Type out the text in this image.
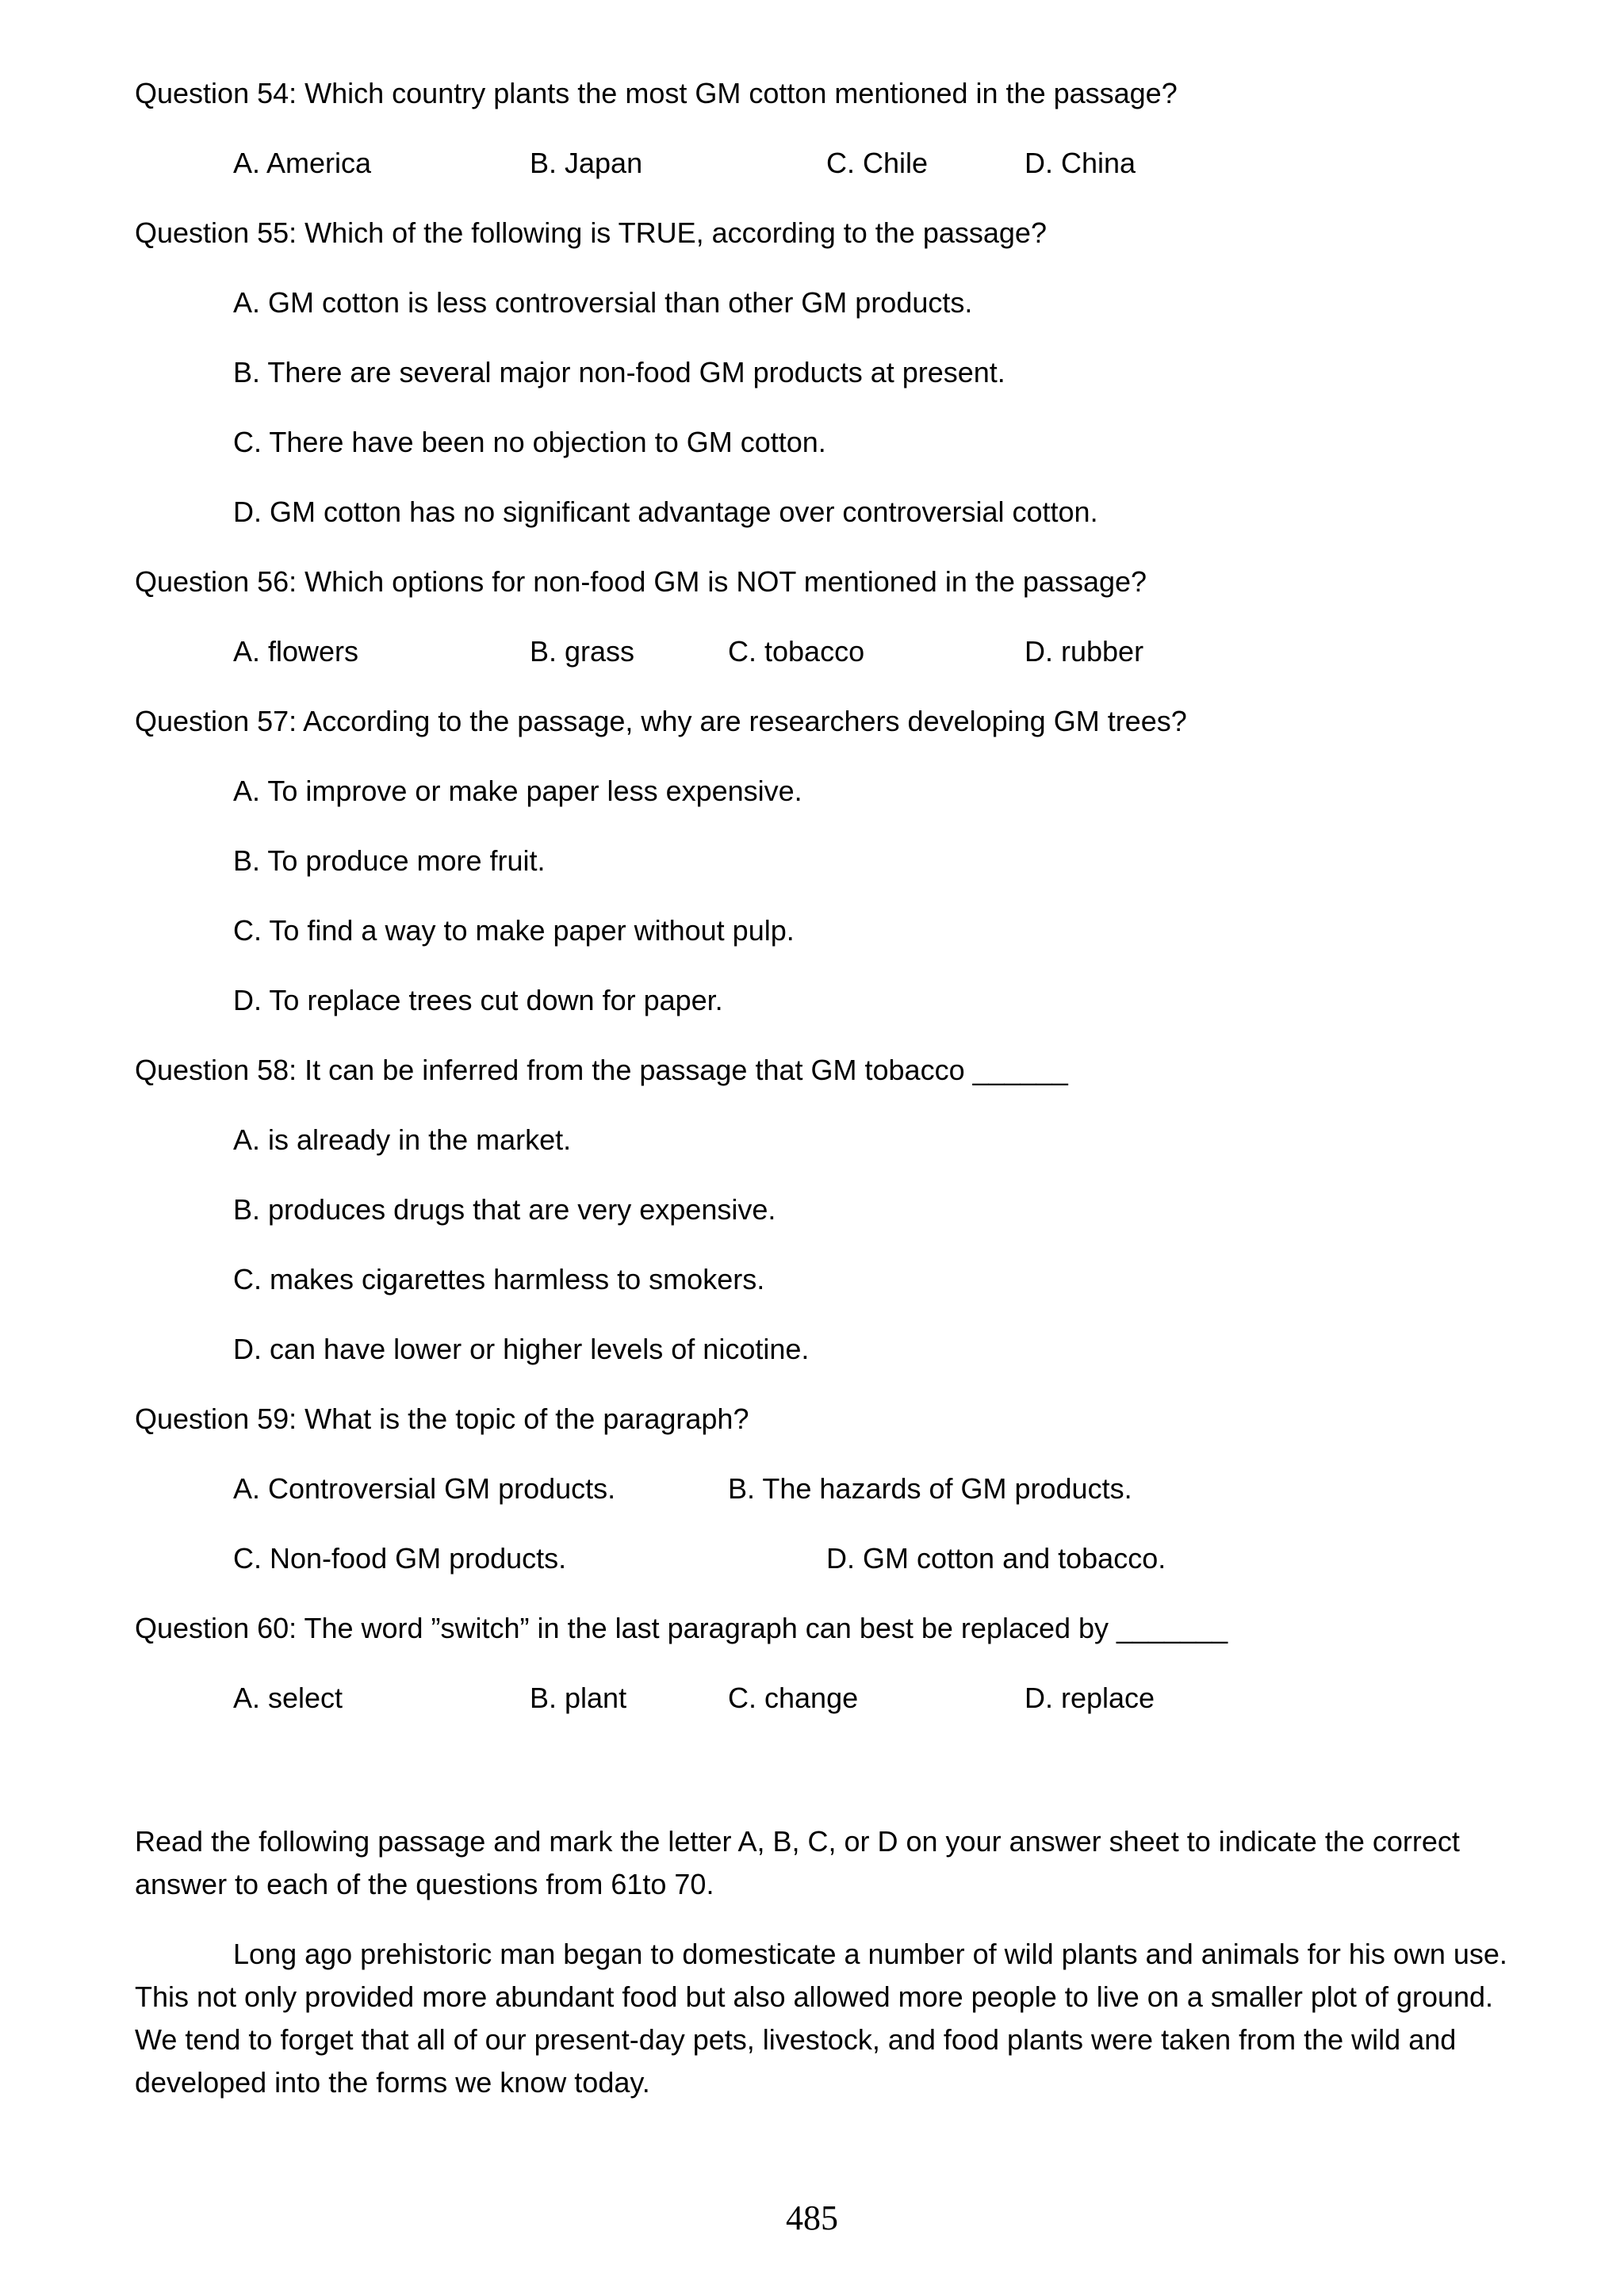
Question 54: Which country plants the most GM cotton mentioned in the passage?
A. America	B. Japan	C. Chile	D. China
Question 55: Which of the following is TRUE, according to the passage?
A. GM cotton is less controversial than other GM products.
B. There are several major non-food GM products at present.
C. There have been no objection to GM cotton.
D. GM cotton has no significant advantage over controversial cotton.
Question 56: Which options for non-food GM is NOT mentioned in the passage?
A. flowers	B. grass	C. tobacco	D. rubber
Question 57: According to the passage, why are researchers developing GM trees?
A. To improve or make paper less expensive.
B. To produce more fruit.
C. To find a way to make paper without pulp.
D. To replace trees cut down for paper.
Question 58: It can be inferred from the passage that GM tobacco ______
A. is already in the market.
B. produces drugs that are very expensive.
C. makes cigarettes harmless to smokers.
D. can have lower or higher levels of nicotine.
Question 59: What is the topic of the paragraph?
A. Controversial GM products.	B. The hazards of GM products.
C. Non-food GM products.	D. GM cotton and tobacco.
Question 60: The word ”switch” in the last paragraph can best be replaced by _______
A. select	B. plant	C. change	D. replace
Read the following passage and mark the letter A, B, C, or D on your answer sheet to indicate the correct answer to each of the questions from 61to 70.
Long ago prehistoric man began to domesticate a number of wild plants and animals for his own use. This not only provided more abundant food but also allowed more people to live on a smaller plot of ground. We tend to forget that all of our present-day pets, livestock, and food plants were taken from the wild and developed into the forms we know today.
485
